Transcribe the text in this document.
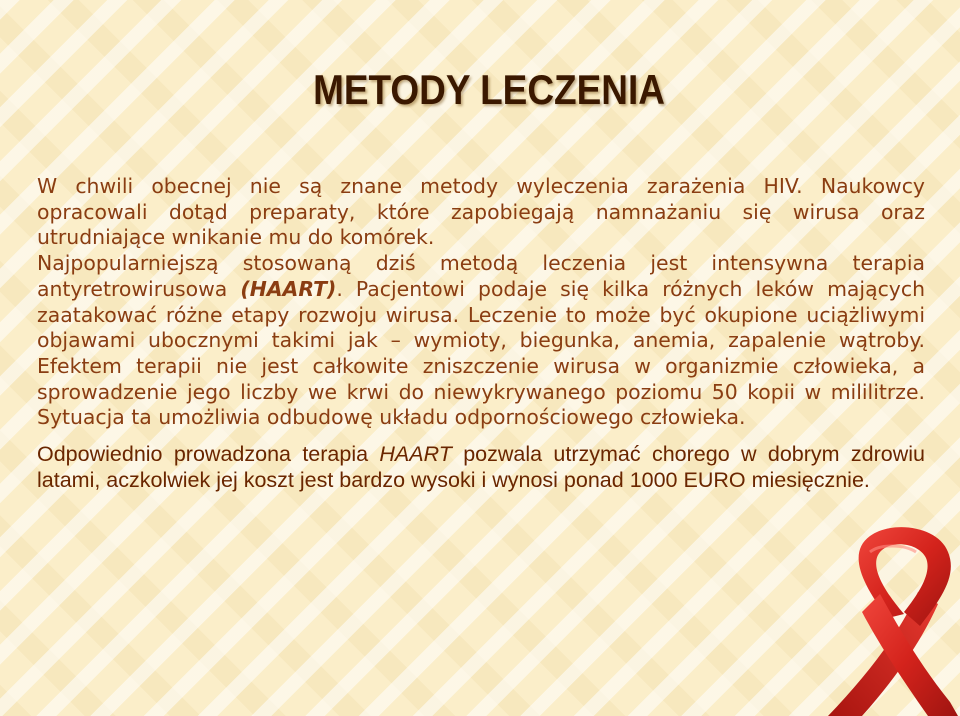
METODY LECZENIA

W chwili obecnej nie są znane metody wyleczenia zarażenia HIV. Naukowcy opracowali dotąd preparaty, które zapobiegają namnażaniu się wirusa oraz utrudniające wnikanie mu do komórek.

Najpopularniejszą stosowaną dziś metodą leczenia jest intensywna terapia antyretrowirusowa (HAART). Pacjentowi podaje się kilka różnych leków mających zaatakować różne etapy rozwoju wirusa. Leczenie to może być okupione uciążliwymi objawami ubocznymi takimi jak – wymioty, biegunka, anemia, zapalenie wątroby. Efektem terapii nie jest całkowite zniszczenie wirusa w organizmie człowieka, a sprowadzenie jego liczby we krwi do niewykrywanego poziomu 50 kopii w mililitrze. Sytuacja ta umożliwia odbudowę układu odpornościowego człowieka.

Odpowiednio prowadzona terapia HAART pozwala utrzymać chorego w dobrym zdrowiu latami, aczkolwiek jej koszt jest bardzo wysoki i wynosi ponad 1000 EURO miesięcznie.
